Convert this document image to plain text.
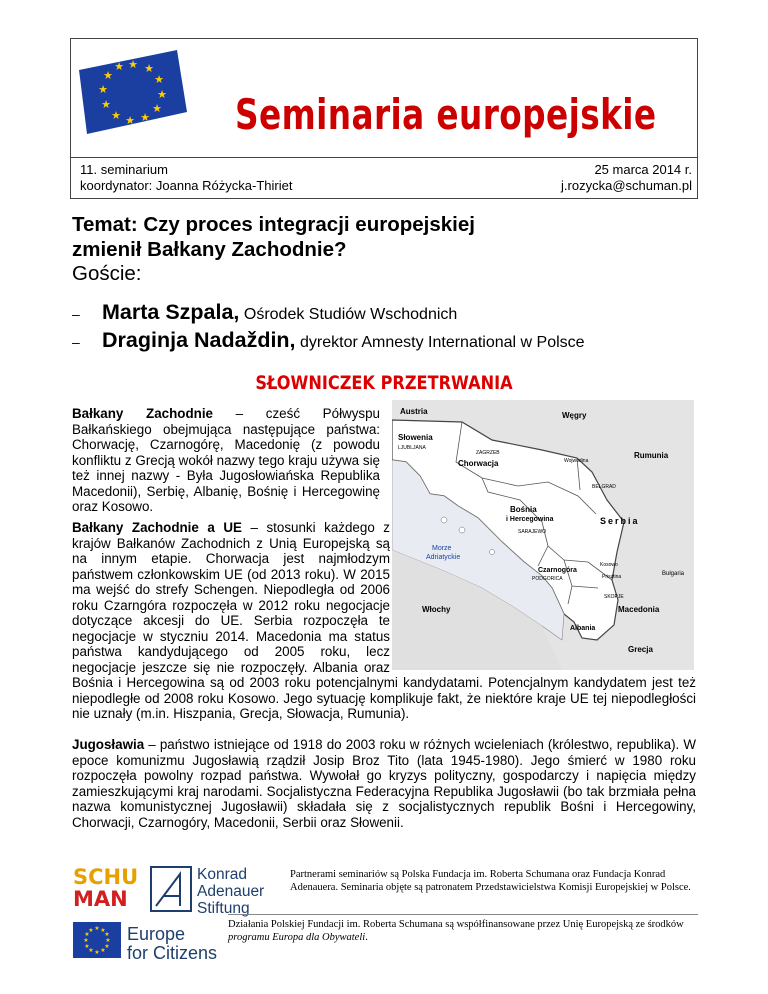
★ ★
★
★
★
★
★
★
★
★
★
★
Seminaria europejskie
11. seminarium
koordynator: Joanna Różycka-Thiriet
25 marca 2014 r.
j.rozycka@schuman.pl
Temat: Czy proces integracji europejskiej zmienił Bałkany Zachodnie?
Goście:
– Marta Szpala, Ośrodek Studiów Wschodnich
– Draginja Nadaždin, dyrektor Amnesty International w Polsce
SŁOWNICZEK PRZETRWANIA
Austria	Węgry
Słowenia
LJUBLJANA
ZAGRZEB
Chorwacja
Rumunia
Wojwodina
BELGRAD
Bośnia
i Hercegowina
SARAJEWO
Serbia
Morze
Adriatyckie
Czarnogóra
PODGORICA
Kosowo
Prisztina	Bułgaria
SKOPJE
Macedonia
Włochy
Albania
Grecja
Bałkany Zachodnie – cześć Półwyspu Bałkańskiego obejmująca następujące państwa: Chorwację, Czarnogórę, Macedonię (z powodu konfliktu z Grecją wokół nazwy tego kraju używa się też innej nazwy - Była Jugosłowiańska Republika Macedonii), Serbię, Albanię, Bośnię i Hercegowinę oraz Kosowo.
Bałkany Zachodnie a UE – stosunki każdego z krajów Bałkanów Zachodnich z Unią Europejską są na innym etapie. Chorwacja jest najmłodzym państwem członkowskim UE (od 2013 roku). W 2015 ma wejść do strefy Schengen. Niepodległa od 2006 roku Czarngóra rozpoczęła w 2012 roku negocjacje dotyczące akcesji do UE. Serbia rozpoczęła te negocjacje w styczniu 2014. Macedonia ma status państwa kandydującego od 2005 roku, lecz negocjacje jeszcze się nie rozpoczęły. Albania oraz Bośnia i Hercegowina są od 2003 roku potencjalnymi kandydatami. Potencjalnym kandydatem jest też niepodległe od 2008 roku Kosowo. Jego sytuację komplikuje fakt, że niektóre kraje UE tej niepodległości nie uznały (m.in. Hiszpania, Grecja, Słowacja, Rumunia).
Jugosławia – państwo istniejące od 1918 do 2003 roku w różnych wcieleniach (królestwo, republika). W epoce komunizmu Jugosławią rządził Josip Broz Tito (lata 1945-1980). Jego śmierć w 1980 roku rozpoczęła powolny rozpad państwa. Wywołał go kryzys polityczny, gospodarczy i napięcia między zamieszkującymi kraj narodami. Socjalistyczna Federacyjna Republika Jugosławii (bo tak brzmiała pełna nazwa komunistycznej Jugosławii) składała się z socjalistycznych republik Bośni i Hercegowiny, Chorwacji, Czarnogóry, Macedonii, Serbii oraz Słowenii.
SCHU
MAN
Konrad
Adenauer
Stiftung
Partnerami seminariów są Polska Fundacja im. Roberta Schumana oraz Fundacja Konrad Adenauera. Seminaria objęte są patronatem Przedstawicielstwa Komisji Europejskiej w Polsce.
Działania Polskiej Fundacji im. Roberta Schumana są współfinansowane przez Unię Europejską ze środków programu Europa dla Obywateli.
★ ★
★
★
★
★
★
★
★
★
★
★ Europe
for Citizens
